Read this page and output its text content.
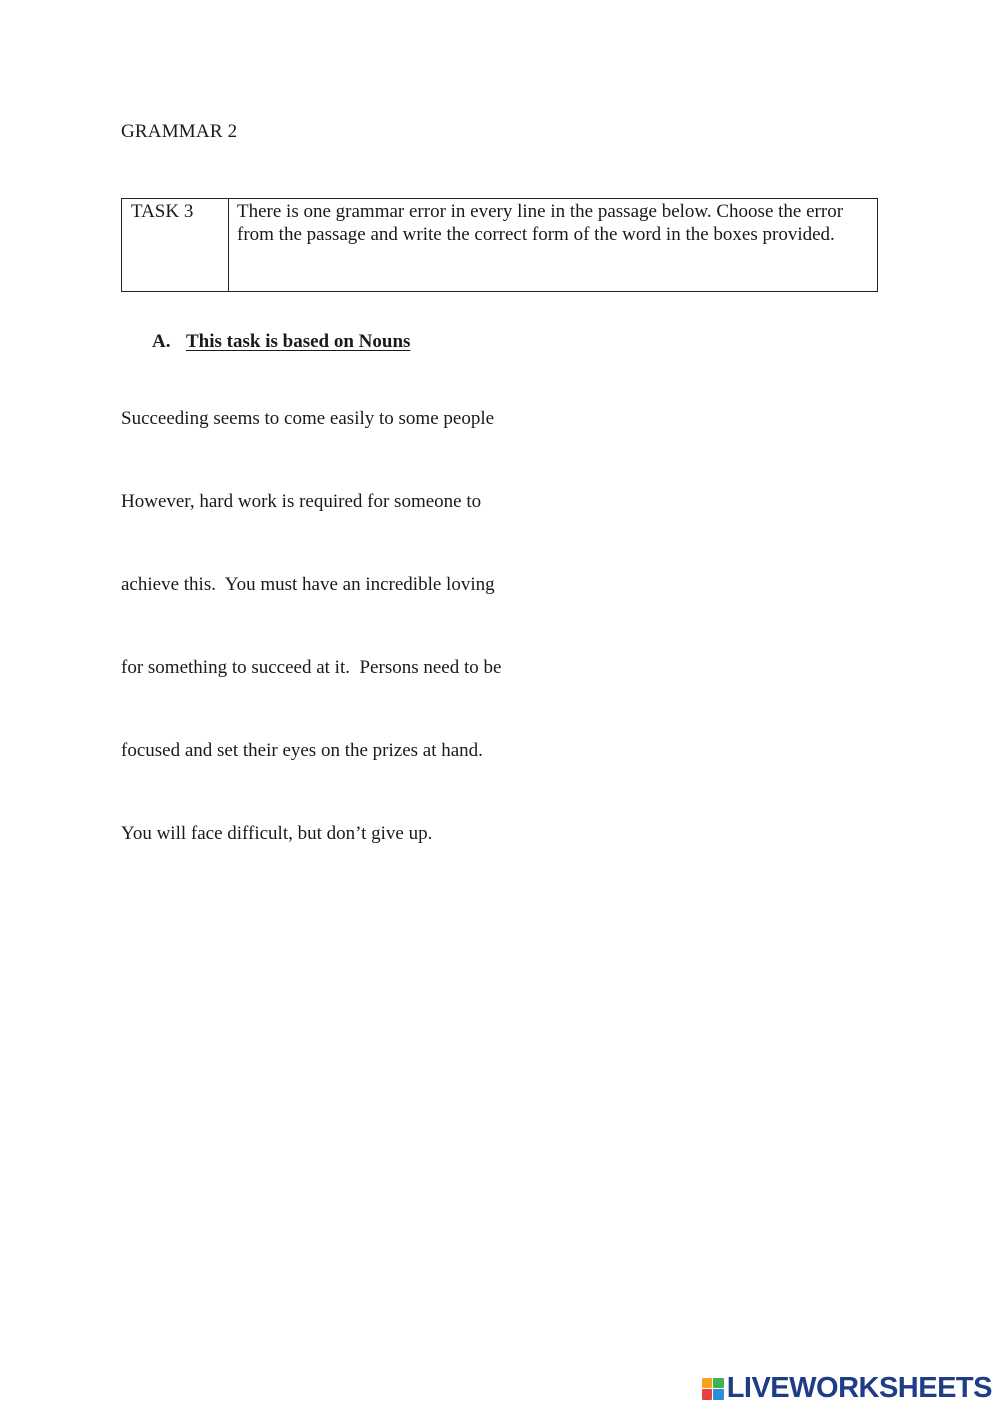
GRAMMAR 2
TASK 3	There is one grammar error in every line in the passage below. Choose the error from the passage and write the correct form of the word in the boxes provided.
A. This task is based on Nouns
Succeeding seems to come easily to some people
However, hard work is required for someone to
achieve this.  You must have an incredible loving
for something to succeed at it.  Persons need to be
focused and set their eyes on the prizes at hand.
You will face difficult, but don’t give up.
LIVEWORKSHEETS
